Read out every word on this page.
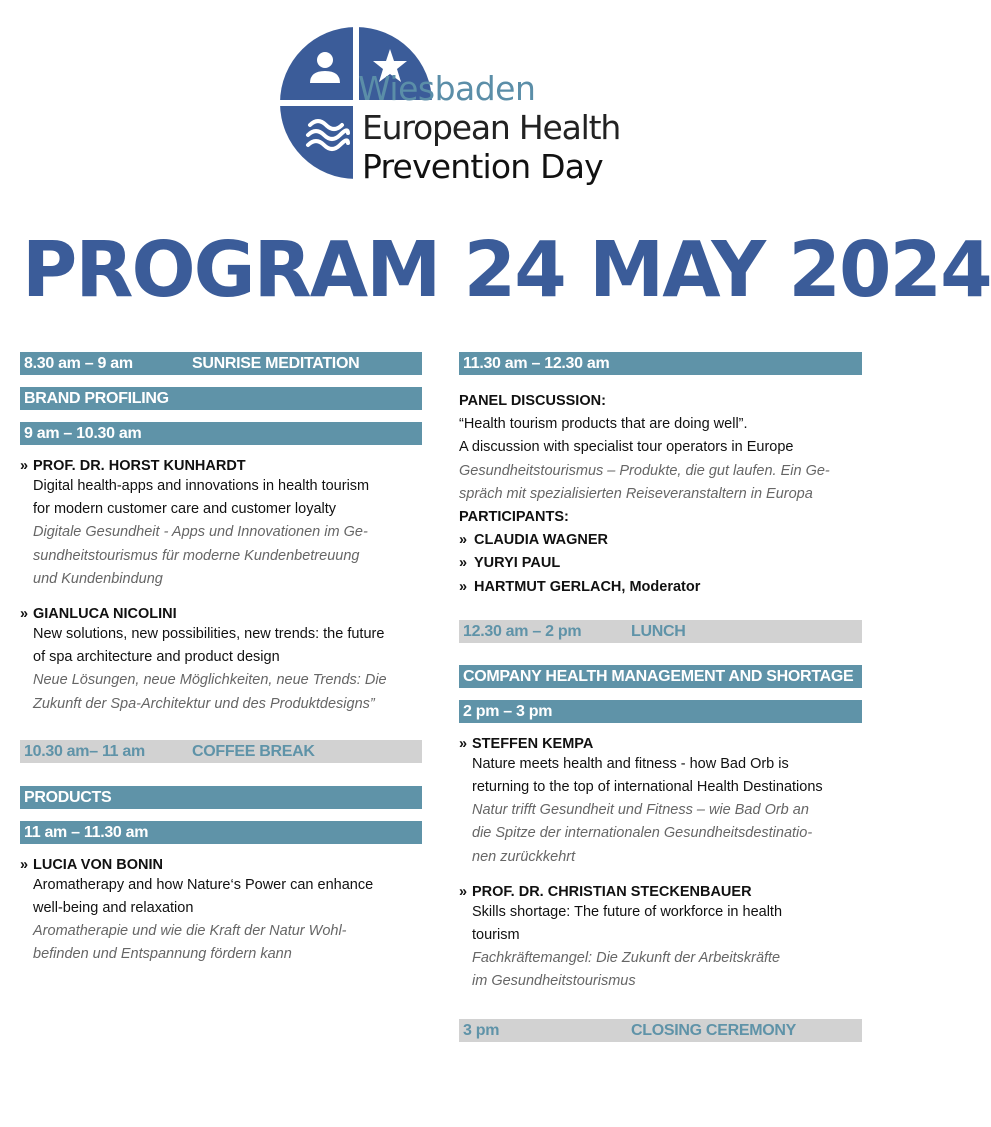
Wiesbaden
European Health
Prevention Day
PROGRAM 24 MAY 2024
8.30 am – 9 am	SUNRISE MEDITATION
BRAND PROFILING
9 am – 10.30 am
» PROF. DR. HORST KUNHARDT
Digital health-apps and innovations in health tourism
for modern customer care and customer loyalty
Digitale Gesundheit - Apps und Innovationen im Ge-
sundheitstourismus für moderne Kundenbetreuung
und Kundenbindung
» GIANLUCA NICOLINI
New solutions, new possibilities, new trends: the future
of spa architecture and product design
Neue Lösungen, neue Möglichkeiten, neue Trends: Die
Zukunft der Spa-Architektur und des Produktdesigns”
10.30 am– 11 am	COFFEE BREAK
PRODUCTS
11 am – 11.30 am
» LUCIA VON BONIN
Aromatherapy and how Nature‘s Power can enhance
well-being and relaxation
Aromatherapie und wie die Kraft der Natur Wohl-
befinden und Entspannung fördern kann
11.30 am – 12.30 am
PANEL DISCUSSION:
“Health tourism products that are doing well”.
A discussion with specialist tour operators in Europe
Gesundheitstourismus – Produkte, die gut laufen. Ein Ge-
spräch mit spezialisierten Reiseveranstaltern in Europa
PARTICIPANTS:
» CLAUDIA WAGNER
» YURYI PAUL
» HARTMUT GERLACH, Moderator
12.30 am – 2 pm	LUNCH
COMPANY HEALTH MANAGEMENT AND SHORTAGE
2 pm – 3 pm
» STEFFEN KEMPA
Nature meets health and fitness - how Bad Orb is
returning to the top of international Health Destinations
Natur trifft Gesundheit und Fitness – wie Bad Orb an
die Spitze der internationalen Gesundheitsdestinatio-
nen zurückkehrt
» PROF. DR. CHRISTIAN STECKENBAUER
Skills shortage: The future of workforce in health
tourism
Fachkräftemangel: Die Zukunft der Arbeitskräfte
im Gesundheitstourismus
3 pm	CLOSING CEREMONY
